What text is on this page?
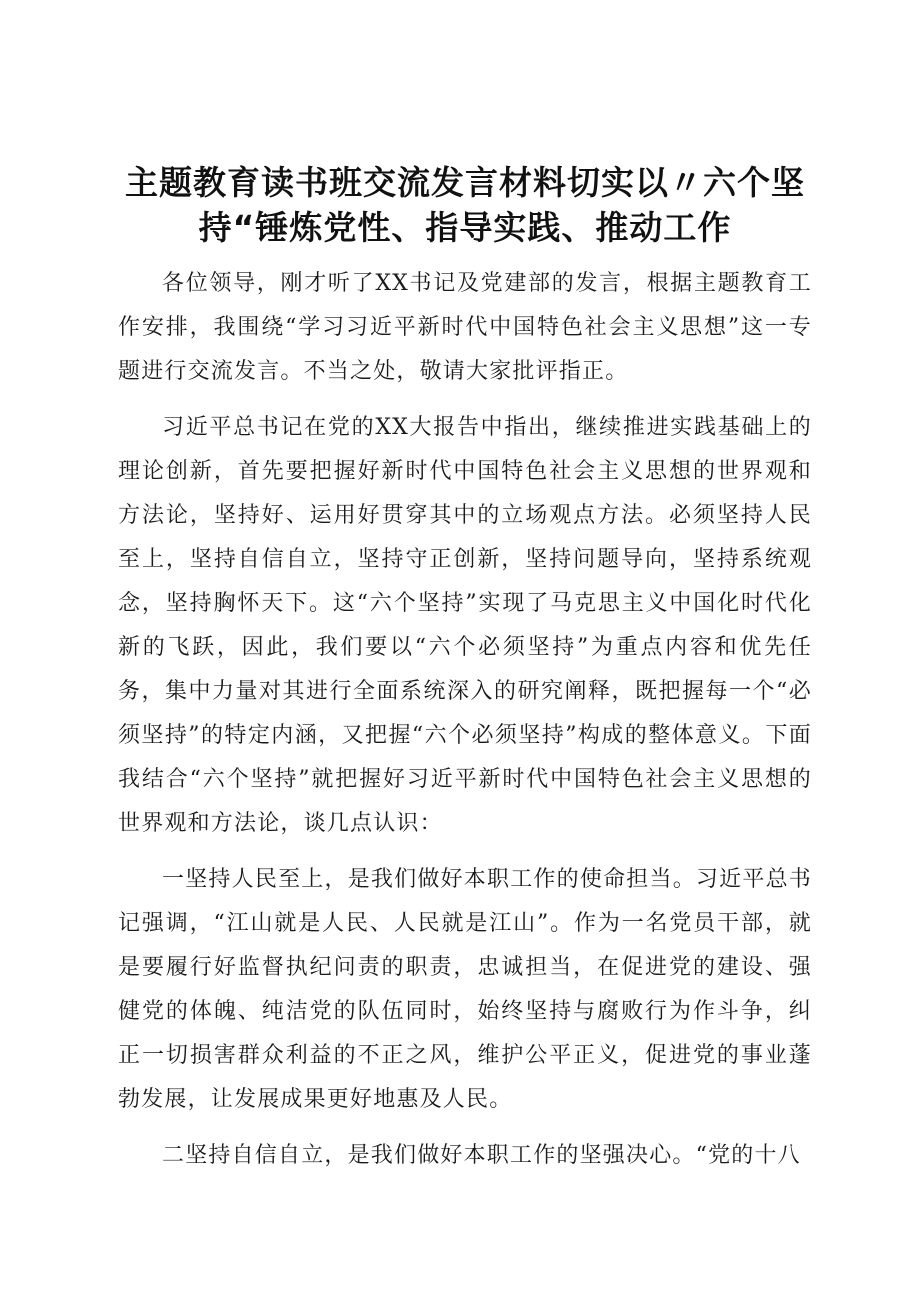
主题教育读书班交流发言材料切实以〃六个坚持“锤炼党性、指导实践、推动工作

各位领导，刚才听了XX书记及党建部的发言，根据主题教育工作安排，我围绕“学习习近平新时代中国特色社会主义思想”这一专题进行交流发言。不当之处，敬请大家批评指正。

习近平总书记在党的XX大报告中指出，继续推进实践基础上的理论创新，首先要把握好新时代中国特色社会主义思想的世界观和方法论，坚持好、运用好贯穿其中的立场观点方法。必须坚持人民至上，坚持自信自立，坚持守正创新，坚持问题导向，坚持系统观念，坚持胸怀天下。这“六个坚持”实现了马克思主义中国化时代化新的飞跃，因此，我们要以“六个必须坚持”为重点内容和优先任务，集中力量对其进行全面系统深入的研究阐释，既把握每一个“必须坚持”的特定内涵，又把握“六个必须坚持”构成的整体意义。下面我结合“六个坚持”就把握好习近平新时代中国特色社会主义思想的世界观和方法论，谈几点认识：

一坚持人民至上，是我们做好本职工作的使命担当。习近平总书记强调，“江山就是人民、人民就是江山”。作为一名党员干部，就是要履行好监督执纪问责的职责，忠诚担当，在促进党的建设、强健党的体魄、纯洁党的队伍同时，始终坚持与腐败行为作斗争，纠正一切损害群众利益的不正之风，维护公平正义，促进党的事业蓬勃发展，让发展成果更好地惠及人民。

二坚持自信自立，是我们做好本职工作的坚强决心。“党的十八
